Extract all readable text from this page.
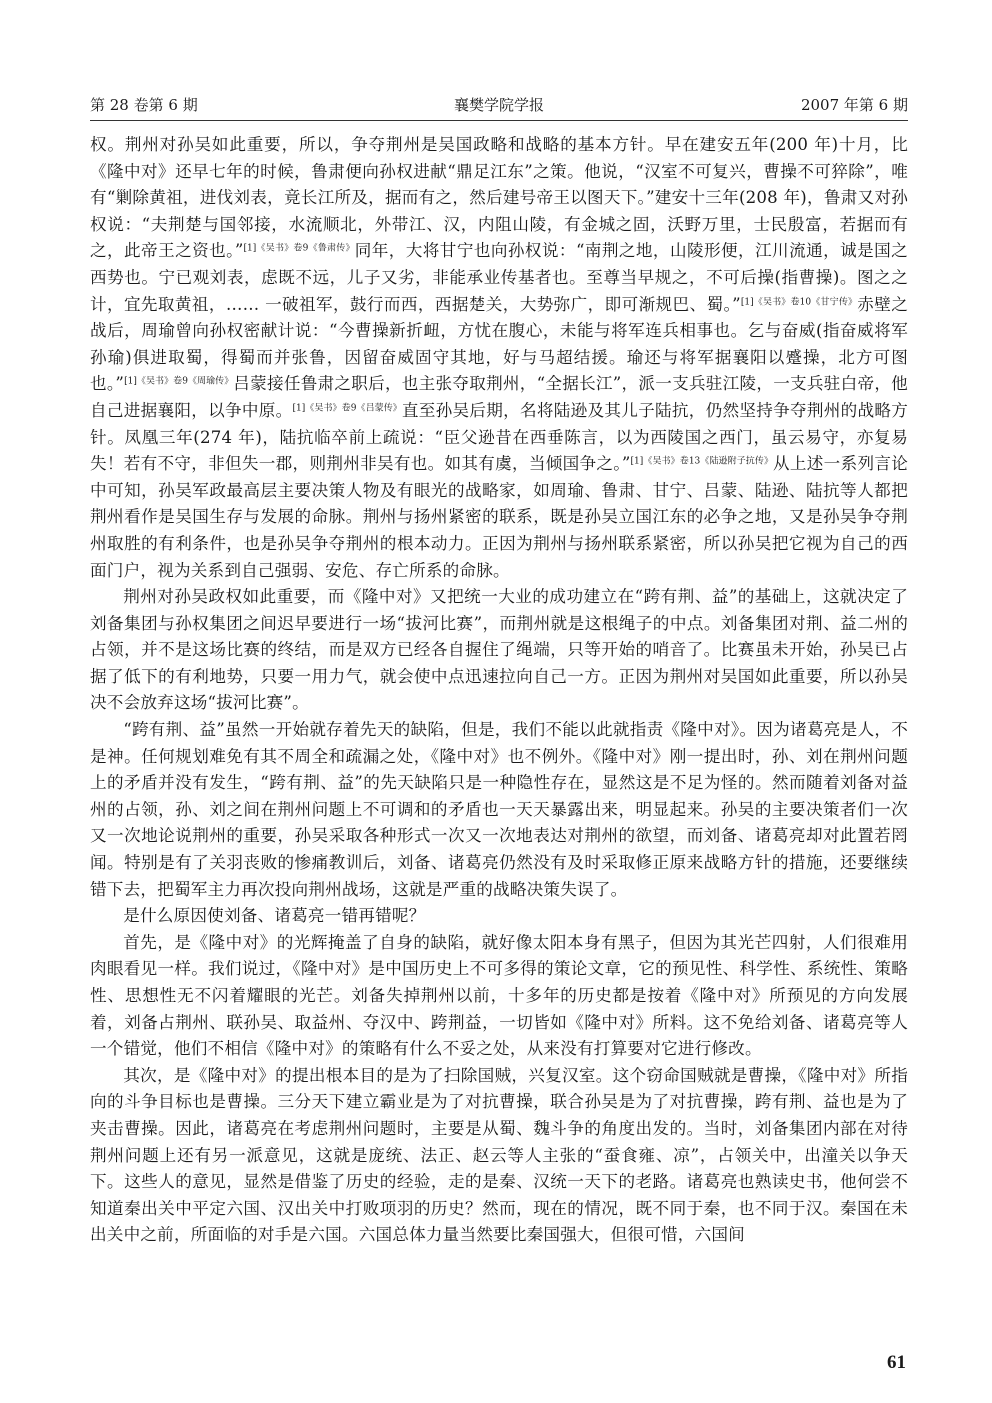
第 28 卷第 6 期	襄樊学院学报	2007 年第 6 期

权。荆州对孙吴如此重要，所以，争夺荆州是吴国政略和战略的基本方针。早在建安五年(200 年)十月，比《隆中对》还早七年的时候，鲁肃便向孙权进献“鼎足江东”之策。他说，“汉室不可复兴，曹操不可猝除”，唯有“剿除黄祖，进伐刘表，竟长江所及，据而有之，然后建号帝王以图天下。”建安十三年(208 年)，鲁肃又对孙权说：“夫荆楚与国邻接，水流顺北，外带江、汉，内阻山陵，有金城之固，沃野万里，士民殷富，若据而有之，此帝王之资也。”$^{[1]《吴书》卷9《鲁肃传》}$同年，大将甘宁也向孙权说：“南荆之地，山陵形便，江川流通，诚是国之西势也。宁已观刘表，虑既不远，儿子又劣，非能承业传基者也。至尊当早规之，不可后操(指曹操)。图之之计，宜先取黄祖，…… 一破祖军，鼓行而西，西据楚关，大势弥广，即可渐规巴、蜀。”$^{[1]《吴书》卷10《甘宁传》}$赤壁之战后，周瑜曾向孙权密献计说：“今曹操新折衄，方忧在腹心，未能与将军连兵相事也。乞与奋威(指奋威将军孙瑜)俱进取蜀，得蜀而并张鲁，因留奋威固守其地，好与马超结援。瑜还与将军据襄阳以蹙操，北方可图也。”$^{[1]《吴书》卷9《周瑜传》}$吕蒙接任鲁肃之职后，也主张夺取荆州，“全据长江”，派一支兵驻江陵，一支兵驻白帝，他自己进据襄阳，以争中原。$^{[1]《吴书》卷9《吕蒙传》}$直至孙吴后期，名将陆逊及其儿子陆抗，仍然坚持争夺荆州的战略方针。凤凰三年(274 年)，陆抗临卒前上疏说：“臣父逊昔在西垂陈言，以为西陵国之西门，虽云易守，亦复易失！若有不守，非但失一郡，则荆州非吴有也。如其有虞，当倾国争之。”$^{[1]《吴书》卷13《陆逊附子抗传》}$从上述一系列言论中可知，孙吴军政最高层主要决策人物及有眼光的战略家，如周瑜、鲁肃、甘宁、吕蒙、陆逊、陆抗等人都把荆州看作是吴国生存与发展的命脉。荆州与扬州紧密的联系，既是孙吴立国江东的必争之地，又是孙吴争夺荆州取胜的有利条件，也是孙吴争夺荆州的根本动力。正因为荆州与扬州联系紧密，所以孙吴把它视为自己的西面门户，视为关系到自己强弱、安危、存亡所系的命脉。

荆州对孙吴政权如此重要，而《隆中对》又把统一大业的成功建立在“跨有荆、益”的基础上，这就决定了刘备集团与孙权集团之间迟早要进行一场“拔河比赛”，而荆州就是这根绳子的中点。刘备集团对荆、益二州的占领，并不是这场比赛的终结，而是双方已经各自握住了绳端，只等开始的哨音了。比赛虽未开始，孙吴已占据了低下的有利地势，只要一用力气，就会使中点迅速拉向自己一方。正因为荆州对吴国如此重要，所以孙吴决不会放弃这场“拔河比赛”。

“跨有荆、益”虽然一开始就存着先天的缺陷，但是，我们不能以此就指责《隆中对》。因为诸葛亮是人，不是神。任何规划难免有其不周全和疏漏之处，《隆中对》也不例外。《隆中对》刚一提出时，孙、刘在荆州问题上的矛盾并没有发生，“跨有荆、益”的先天缺陷只是一种隐性存在，显然这是不足为怪的。然而随着刘备对益州的占领，孙、刘之间在荆州问题上不可调和的矛盾也一天天暴露出来，明显起来。孙吴的主要决策者们一次又一次地论说荆州的重要，孙吴采取各种形式一次又一次地表达对荆州的欲望，而刘备、诸葛亮却对此置若罔闻。特别是有了关羽丧败的惨痛教训后，刘备、诸葛亮仍然没有及时采取修正原来战略方针的措施，还要继续错下去，把蜀军主力再次投向荆州战场，这就是严重的战略决策失误了。

是什么原因使刘备、诸葛亮一错再错呢？

首先，是《隆中对》的光辉掩盖了自身的缺陷，就好像太阳本身有黑子，但因为其光芒四射，人们很难用肉眼看见一样。我们说过，《隆中对》是中国历史上不可多得的策论文章，它的预见性、科学性、系统性、策略性、思想性无不闪着耀眼的光芒。刘备失掉荆州以前，十多年的历史都是按着《隆中对》所预见的方向发展着，刘备占荆州、联孙吴、取益州、夺汉中、跨荆益，一切皆如《隆中对》所料。这不免给刘备、诸葛亮等人一个错觉，他们不相信《隆中对》的策略有什么不妥之处，从来没有打算要对它进行修改。

其次，是《隆中对》的提出根本目的是为了扫除国贼，兴复汉室。这个窃命国贼就是曹操，《隆中对》所指向的斗争目标也是曹操。三分天下建立霸业是为了对抗曹操，联合孙吴是为了对抗曹操，跨有荆、益也是为了夹击曹操。因此，诸葛亮在考虑荆州问题时，主要是从蜀、魏斗争的角度出发的。当时，刘备集团内部在对待荆州问题上还有另一派意见，这就是庞统、法正、赵云等人主张的“蚕食雍、凉”，占领关中，出潼关以争天下。这些人的意见，显然是借鉴了历史的经验，走的是秦、汉统一天下的老路。诸葛亮也熟读史书，他何尝不知道秦出关中平定六国、汉出关中打败项羽的历史？然而，现在的情况，既不同于秦，也不同于汉。秦国在未出关中之前，所面临的对手是六国。六国总体力量当然要比秦国强大，但很可惜，六国间

61
